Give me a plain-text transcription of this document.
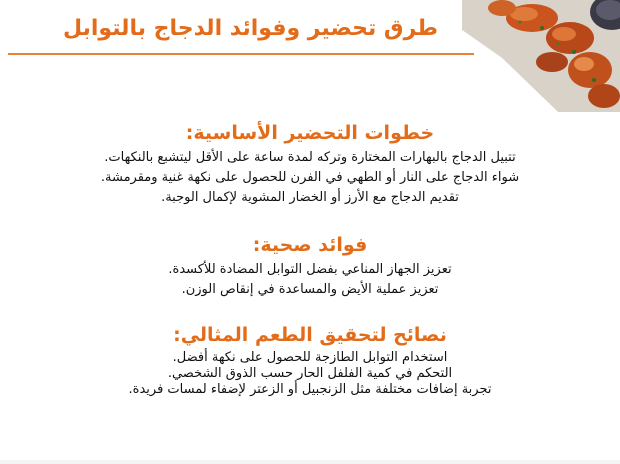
طرق تحضير وفوائد الدجاج بالتوابل

خطوات التحضير الأساسية:

تتبيل الدجاج بالبهارات المختارة وتركه لمدة ساعة على الأقل ليتشبع بالنكهات.

شواء الدجاج على النار أو الطهي في الفرن للحصول على نكهة غنية ومقرمشة.

تقديم الدجاج مع الأرز أو الخضار المشوية لإكمال الوجبة.

فوائد صحية:

تعزيز الجهاز المناعي بفضل التوابل المضادة للأكسدة.

تعزيز عملية الأيض والمساعدة في إنقاص الوزن.

نصائح لتحقيق الطعم المثالي:

استخدام التوابل الطازجة للحصول على نكهة أفضل.

التحكم في كمية الفلفل الحار حسب الذوق الشخصي.

تجربة إضافات مختلفة مثل الزنجبيل أو الزعتر لإضفاء لمسات فريدة.
